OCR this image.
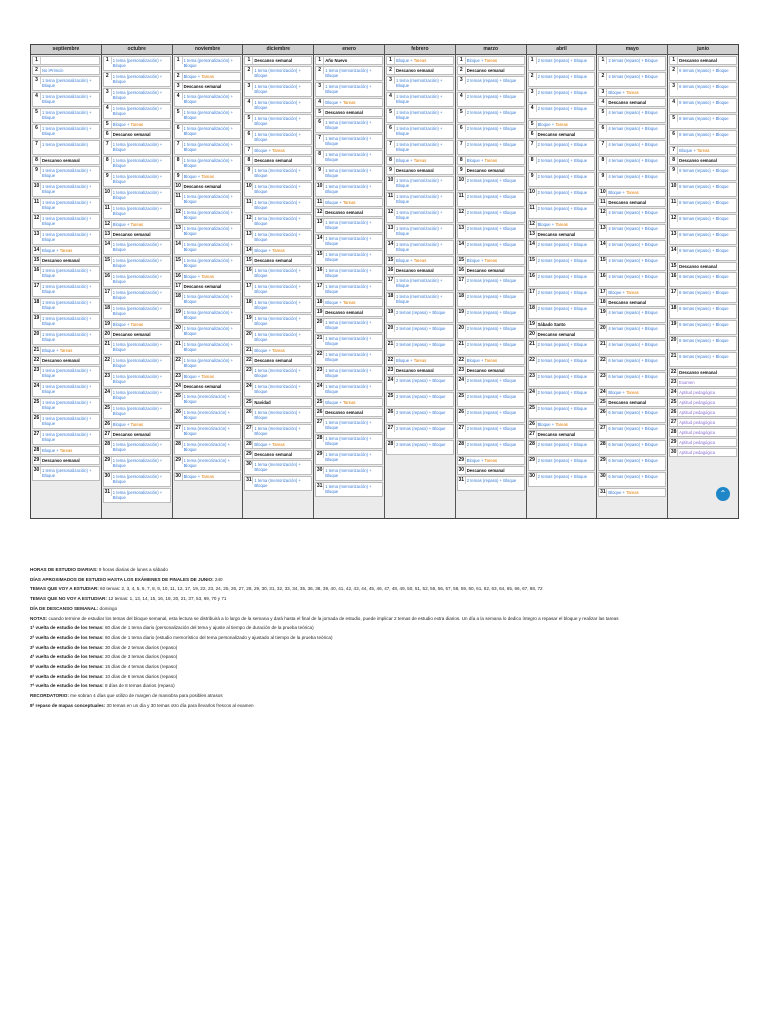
septiembre
1
2 No iPrimcin
3 1 tema (personalización) + Bloque
4 1 tema (personalización) + Bloque
5 1 tema (personalización) + Bloque
6 1 tema (personalización) + Bloque
7 1 tema (personalización)
8 Descanso semanal
9 1 tema (personalización) + Bloque
10 1 tema (personalización) + Bloque
11 1 tema (personalización) + Bloque
12 1 tema (personalización) + Bloque
13 1 tema (personalización) + Bloque
14 Bloque + Tareas
15 Descanso semanal
16 1 tema (personalización) + Bloque
17 1 tema (personalización) + Bloque
18 1 tema (personalización) + Bloque
19 1 tema (personalización) + Bloque
20 1 tema (personalización) + Bloque
21 Bloque + Tareas
22 Descanso semanal
23 1 tema (personalización) + Bloque
24 1 tema (personalización) + Bloque
25 1 tema (personalización) + Bloque
26 1 tema (personalización) + Bloque
27 1 tema (personalización) + Bloque
28 Bloque + Tareas
29 Descanso semanal
30 1 tema (personalización) + Bloque
octubre
1 1 tema (personalización) + Bloque
2 1 tema (personalización) + Bloque
3 1 tema (personalización) + Bloque
4 1 tema (personalización) + Bloque
5 Bloque + Tareas
6 Descanso semanal
7 1 tema (personalización) + Bloque
8 1 tema (personalización) + Bloque
9 1 tema (personalización) + Bloque
10 1 tema (personalización) + Bloque
11 1 tema (personalización) + Bloque
12 Bloque + Tareas
13 Descanso semanal
14 1 tema (personalización) + Bloque
15 1 tema (personalización) + Bloque
16 1 tema (personalización) + Bloque
17 1 tema (personalización) + Bloque
18 1 tema (personalización) + Bloque
19 Bloque + Tareas
20 Descanso semanal
21 1 tema (personalización) + Bloque
22 1 tema (personalización) + Bloque
23 1 tema (personalización) + Bloque
24 1 tema (personalización) + Bloque
25 1 tema (personalización) + Bloque
26 Bloque + Tareas
27 Descanso semanal
28 1 tema (personalización) + Bloque
29 1 tema (personalización) + Bloque
30 1 tema (personalización) + Bloque
31 1 tema (personalización) + Bloque
noviembre
1 1 tema (personalización) + Bloque
2 Bloque + Tareas
3 Descanso semanal
4 1 tema (personalización) + Bloque
5 1 tema (personalización) + Bloque
6 1 tema (personalización) + Bloque
7 1 tema (personalización) + Bloque
8 1 tema (personalización) + Bloque
9 Bloque + Tareas
10 Descanso semanal
11 1 tema (personalización) + Bloque
12 1 tema (personalización) + Bloque
13 1 tema (personalización) + Bloque
14 1 tema (personalización) + Bloque
15 1 tema (personalización) + Bloque
16 Bloque + Tareas
17 Descanso semanal
18 1 tema (personalización) + Bloque
19 1 tema (personalización) + Bloque
20 1 tema (personalización) + Bloque
21 1 tema (personalización) + Bloque
22 1 tema (personalización) + Bloque
23 Bloque + Tareas
24 Descanso semanal
25 1 tema (memorización) + Bloque
26 1 tema (memorización) + Bloque
27 1 tema (memorización) + Bloque
28 1 tema (memorización) + Bloque
29 1 tema (memorización) + Bloque
30 Bloque + Tareas
diciembre
1 Descanso semanal
2 1 tema (memorización) + Bloque
3 1 tema (memorización) + Bloque
4 1 tema (memorización) + Bloque
5 1 tema (memorización) + Bloque
6 1 tema (memorización) + Bloque
7 Bloque + Tareas
8 Descanso semanal
9 1 tema (memorización) + Bloque
10 1 tema (memorización) + Bloque
11 1 tema (memorización) + Bloque
12 1 tema (memorización) + Bloque
13 1 tema (memorización) + Bloque
14 Bloque + Tareas
15 Descanso semanal
16 1 tema (memorización) + Bloque
17 1 tema (memorización) + Bloque
18 1 tema (memorización) + Bloque
19 1 tema (memorización) + Bloque
20 1 tema (memorización) + Bloque
21 Bloque + Tareas
22 Descanso semanal
23 1 tema (memorización) + Bloque
24 1 tema (memorización) + Bloque
25 Navidad
26 1 tema (memorización) + Bloque
27 1 tema (memorización) + Bloque
28 Bloque + Tareas
29 Descanso semanal
30 1 tema (memorización) + Bloque
31 1 tema (memorización) + Bloque
enero
1 Año Nuevo
2 1 tema (memorización) + Bloque
3 1 tema (memorización) + Bloque
4 Bloque + Tareas
5 Descanso semanal
6 1 tema (memorización) + Bloque
7 1 tema (memorización) + Bloque
8 1 tema (memorización) + Bloque
9 1 tema (memorización) + Bloque
10 1 tema (memorización) + Bloque
11 Bloque + Tareas
12 Descanso semanal
13 1 tema (memorización) + Bloque
14 1 tema (memorización) + Bloque
15 1 tema (memorización) + Bloque
16 1 tema (memorización) + Bloque
17 1 tema (memorización) + Bloque
18 Bloque + Tareas
19 Descanso semanal
20 1 tema (memorización) + Bloque
21 1 tema (memorización) + Bloque
22 1 tema (memorización) + Bloque
23 1 tema (memorización) + Bloque
24 1 tema (memorización) + Bloque
25 Bloque + Tareas
26 Descanso semanal
27 1 tema (memorización) + Bloque
28 1 tema (memorización) + Bloque
29 1 tema (memorización) + Bloque
30 1 tema (memorización) + Bloque
31 1 tema (memorización) + Bloque
febrero
1 Bloque + Tareas
2 Descanso semanal
3 1 tema (memorización) + Bloque
4 1 tema (memorización) + Bloque
5 1 tema (memorización) + Bloque
6 1 tema (memorización) + Bloque
7 1 tema (memorización) + Bloque
8 Bloque + Tareas
9 Descanso semanal
10 1 tema (memorización) + Bloque
11 1 tema (memorización) + Bloque
12 1 tema (memorización) + Bloque
13 1 tema (memorización) + Bloque
14 1 tema (memorización) + Bloque
15 Bloque + Tareas
16 Descanso semanal
17 1 tema (memorización) + Bloque
18 1 tema (memorización) + Bloque
19 2 temas (repaso) + Bloque
20 2 temas (repaso) + Bloque
21 2 temas (repaso) + Bloque
22 Bloque + Tareas
23 Descanso semanal
24 2 temas (repaso) + Bloque
25 2 temas (repaso) + Bloque
26 2 temas (repaso) + Bloque
27 2 temas (repaso) + Bloque
28 2 temas (repaso) + Bloque
marzo
1 Bloque + Tareas
2 Descanso semanal
3 2 temas (repaso) + Bloque
4 2 temas (repaso) + Bloque
5 2 temas (repaso) + Bloque
6 2 temas (repaso) + Bloque
7 2 temas (repaso) + Bloque
8 Bloque + Tareas
9 Descanso semanal
10 2 temas (repaso) + Bloque
11 2 temas (repaso) + Bloque
12 2 temas (repaso) + Bloque
13 2 temas (repaso) + Bloque
14 2 temas (repaso) + Bloque
15 Bloque + Tareas
16 Descanso semanal
17 2 temas (repaso) + Bloque
18 2 temas (repaso) + Bloque
19 2 temas (repaso) + Bloque
20 2 temas (repaso) + Bloque
21 2 temas (repaso) + Bloque
22 Bloque + Tareas
23 Descanso semanal
24 2 temas (repaso) + Bloque
25 2 temas (repaso) + Bloque
26 2 temas (repaso) + Bloque
27 2 temas (repaso) + Bloque
28 2 temas (repaso) + Bloque
29 Bloque + Tareas
30 Descanso semanal
31 2 temas (repaso) + Bloque
abril
1 2 temas (repaso) + Bloque
2 2 temas (repaso) + Bloque
3 2 temas (repaso) + Bloque
4 2 temas (repaso) + Bloque
5 Bloque + Tareas
6 Descanso semanal
7 2 temas (repaso) + Bloque
8 2 temas (repaso) + Bloque
9 2 temas (repaso) + Bloque
10 2 temas (repaso) + Bloque
11 2 temas (repaso) + Bloque
12 Bloque + Tareas
13 Descanso semanal
14 2 temas (repaso) + Bloque
15 2 temas (repaso) + Bloque
16 2 temas (repaso) + Bloque
17 2 temas (repaso) + Bloque
18 2 temas (repaso) + Bloque
19 Sábado Santo
20 Descanso semanal
21 2 temas (repaso) + Bloque
22 2 temas (repaso) + Bloque
23 2 temas (repaso) + Bloque
24 2 temas (repaso) + Bloque
25 2 temas (repaso) + Bloque
26 Bloque + Tareas
27 Descanso semanal
28 2 temas (repaso) + Bloque
29 2 temas (repaso) + Bloque
30 2 temas (repaso) + Bloque
mayo
1 2 temas (repaso) + Bloque
2 4 temas (repaso) + Bloque
3 Bloque + Tareas
4 Descanso semanal
5 4 temas (repaso) + Bloque
6 4 temas (repaso) + Bloque
7 4 temas (repaso) + Bloque
8 4 temas (repaso) + Bloque
9 4 temas (repaso) + Bloque
10 Bloque + Tareas
11 Descanso semanal
12 4 temas (repaso) + Bloque
13 4 temas (repaso) + Bloque
14 4 temas (repaso) + Bloque
15 4 temas (repaso) + Bloque
16 4 temas (repaso) + Bloque
17 Bloque + Tareas
18 Descanso semanal
19 4 temas (repaso) + Bloque
20 4 temas (repaso) + Bloque
21 4 temas (repaso) + Bloque
22 6 temas (repaso) + Bloque
23 6 temas (repaso) + Bloque
24 Bloque + Tareas
25 Descanso semanal
26 6 temas (repaso) + Bloque
27 6 temas (repaso) + Bloque
28 6 temas (repaso) + Bloque
29 6 temas (repaso) + Bloque
30 6 temas (repaso) + Bloque
31 Bloque + Tareas
junio
1 Descanso semanal
2 6 temas (repaso) + Bloque
3 6 temas (repaso) + Bloque
4 8 temas (repaso) + Bloque
5 8 temas (repaso) + Bloque
6 8 temas (repaso) + Bloque
7 Bloque + Tareas
8 Descanso semanal
9 8 temas (repaso) + Bloque
10 8 temas (repaso) + Bloque
11 8 temas (repaso) + Bloque
12 8 temas (repaso) + Bloque
13 8 temas (repaso) + Bloque
14 8 temas (repaso) + Bloque
15 Descanso semanal
16 8 temas (repaso) + Bloque
17 8 temas (repaso) + Bloque
18 8 temas (repaso) + Bloque
19 8 temas (repaso) + Bloque
20 8 temas (repaso) + Bloque
21 8 temas (repaso) + Bloque
22 Descanso semanal
23 Examen
24 Aptitud pedagógica
25 Aptitud pedagógica
26 Aptitud pedagógica
27 Aptitud pedagógica
28 Aptitud pedagógica
29 Aptitud pedagógica
30 Aptitud pedagógica
⌃
HORAS DE ESTUDIO DIARIAS: 9 horas diarias de lunes a sábado
DÍAS APROXIMADOS DE ESTUDIO HASTA LOS EXÁMENES DE FINALES DE JUNIO: 240
TEMAS QUE VOY A ESTUDIAR: 60 temas: 2, 3, 4, 5, 6, 7, 8, 9, 10, 11, 12, 17, 19, 22, 23, 24, 25, 26, 27, 28, 29, 30, 31, 32, 33, 34, 35, 36, 38, 39, 40, 41, 42, 43, 44, 45, 46, 47, 48, 49, 50, 51, 52, 55, 56, 57, 58, 59, 60, 61, 62, 63, 64, 65, 66, 67, 68, 72
TEMAS QUE NO VOY A ESTUDIAR: 12 temas: 1, 13, 14, 15, 16, 18, 20, 21, 37, 53, 69, 70 y 71
DÍA DE DESCANSO SEMANAL: domingo
NOTAS: cuando termine de estudiar los temas del bloque semanal, esta lectura se distribuirá a lo largo de la semana y dará hasta el final de la jornada de estudio, puede implicar 2 temas de estudio extra diarios. Un día a la semana lo dedico íntegro a repasar el bloque y realizar las tareas
1ª vuelta de estudio de los temas: 60 días de 1 tema diario (personalización del tema y ajuste al tiempo de duración de la prueba teórica)
2ª vuelta de estudio de los temas: 60 días de 1 tema diario (estudio memorístico del tema personalizado y ajustado al tiempo de la prueba teórica)
3ª vuelta de estudio de los temas: 30 días de 2 temas diarios (repaso)
4ª vuelta de estudio de los temas: 20 días de 3 temas diarios (repaso)
5ª vuelta de estudio de los temas: 15 días de 4 temas diarios (repaso)
6ª vuelta de estudio de los temas: 10 días de 6 temas diarios (repaso)
7ª vuelta de estudio de los temas: 8 días de 8 temas diarios (repaso)
RECORDATORIO: me sobran 4 días que utilizo de margen de maniobra para posibles atrasos
8ª repaso de mapas conceptuales: 30 temas en un día y 30 temas otro día para llevarlos frescos al examen
